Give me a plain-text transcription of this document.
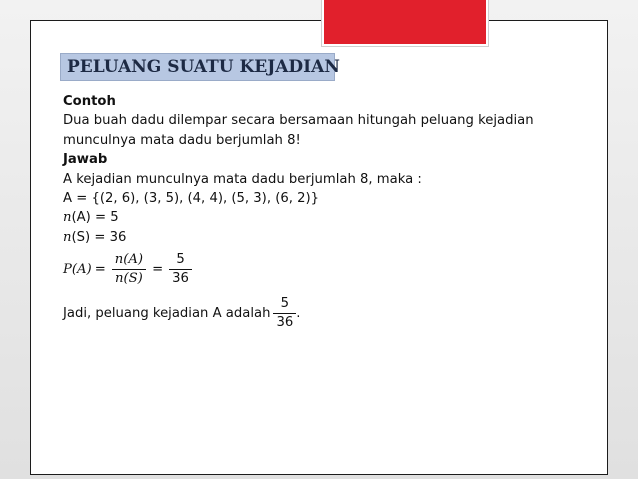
PELUANG SUATU KEJADIAN
Contoh
Dua buah dadu dilempar secara bersamaan hitungah peluang kejadian
munculnya mata dadu berjumlah 8!
Jawab
A kejadian munculnya mata dadu berjumlah 8, maka :
A = {(2, 6), (3, 5), (4, 4), (5, 3), (6, 2)}
n(A) = 5
n(S) = 36
$P(A) = \frac{n(A)}{n(S)} = \frac{5}{36}$
Jadi, peluang kejadian A adalah $\frac{5}{36}$ .
